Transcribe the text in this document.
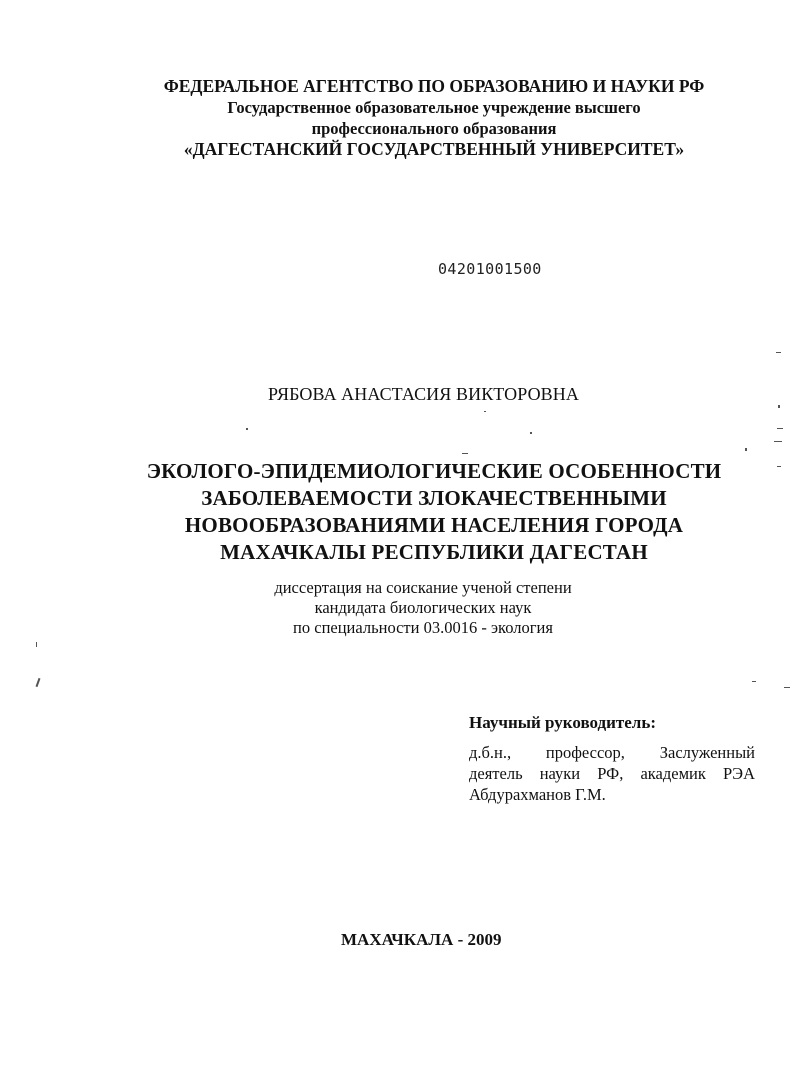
ФЕДЕРАЛЬНОЕ АГЕНТСТВО ПО ОБРАЗОВАНИЮ И НАУКИ РФ
Государственное образовательное учреждение высшего
профессионального образования
«ДАГЕСТАНСКИЙ ГОСУДАРСТВЕННЫЙ УНИВЕРСИТЕТ»
04201001500
РЯБОВА АНАСТАСИЯ ВИКТОРОВНА
ЭКОЛОГО-ЭПИДЕМИОЛОГИЧЕСКИЕ ОСОБЕННОСТИ
ЗАБОЛЕВАЕМОСТИ ЗЛОКАЧЕСТВЕННЫМИ
НОВООБРАЗОВАНИЯМИ НАСЕЛЕНИЯ ГОРОДА
МАХАЧКАЛЫ РЕСПУБЛИКИ ДАГЕСТАН
диссертация на соискание ученой степени
кандидата биологических наук
по специальности 03.0016 - экология
Научный руководитель:
д.б.н., профессор, Заслуженный
деятель науки РФ, академик РЭА
Абдурахманов Г.М.
МАХАЧКАЛА - 2009
